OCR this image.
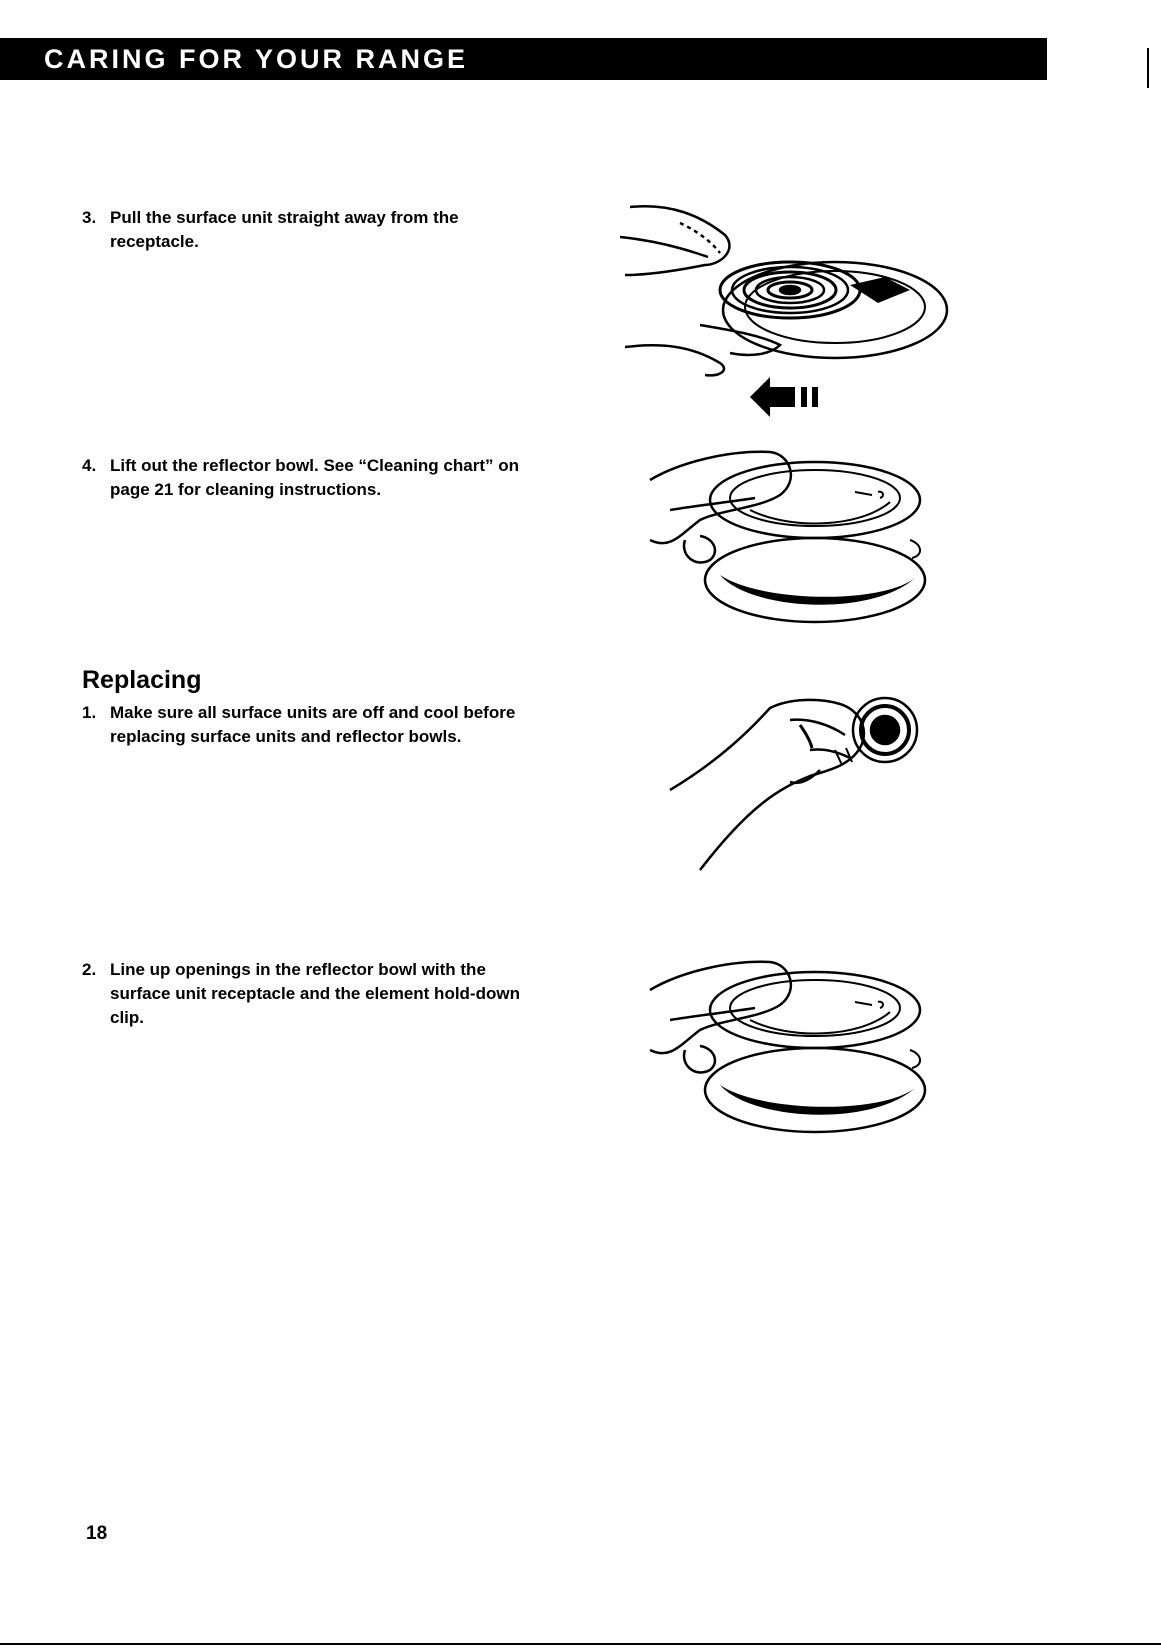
CARING FOR YOUR RANGE
3. Pull the surface unit straight away from the receptacle.
4. Lift out the reflector bowl. See “Cleaning chart” on page 21 for cleaning instructions.
Replacing
1. Make sure all surface units are off and cool before replacing surface units and reflector bowls.
2. Line up openings in the reflector bowl with the surface unit receptacle and the element hold-down clip.
18
